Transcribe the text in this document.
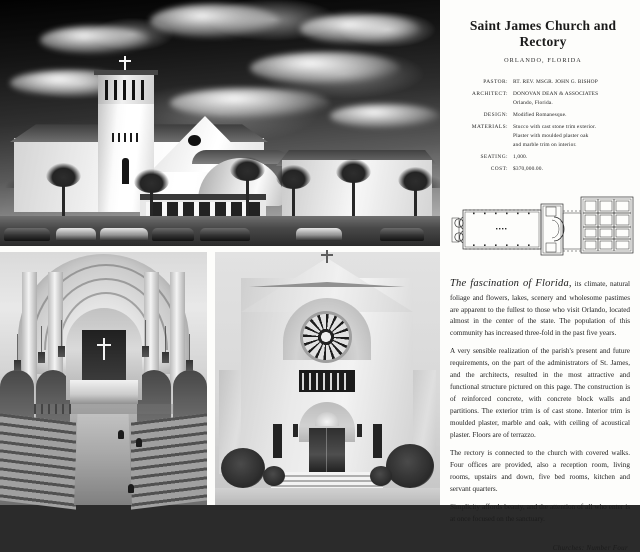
Saint James Church and Rectory
ORLANDO, FLORIDA
PASTOR:	RT. REV. MSGR. JOHN G. BISHOP

ARCHITECT:	DONOVAN DEAN & ASSOCIATES
Orlando, Florida.

DESIGN:	Modified Romanesque.

MATERIALS:	Stucco with cast stone trim exterior.
Plaster with moulded plaster oak
and marble trim on interior.

SEATING:	1,000.

COST:	$370,000.00.

The fascination of Florida, its climate, natural foliage and flowers, lakes, scenery and wholesome pastimes are apparent to the fullest to those who visit Orlando, located almost in the center of the state. The population of this community has increased three-fold in the past five years.

A very sensible realization of the parish's present and future requirements, on the part of the administrators of St. James, and the architects, resulted in the most attractive and functional structure pictured on this page. The construction is of reinforced concrete, with concrete block walls and partitions. The exterior trim is of cast stone. Interior trim is moulded plaster, marble and oak, with ceiling of acoustical plaster. Floors are of terrazzo.

The rectory is connected to the church with covered walks. Four offices are provided, also a reception room, living rooms, upstairs and down, five bed rooms, kitchen and servant quarters.

Simplicity affords beauty, and the attention of all who enter is at once focused on the sanctuary.

Churches: Number Four
